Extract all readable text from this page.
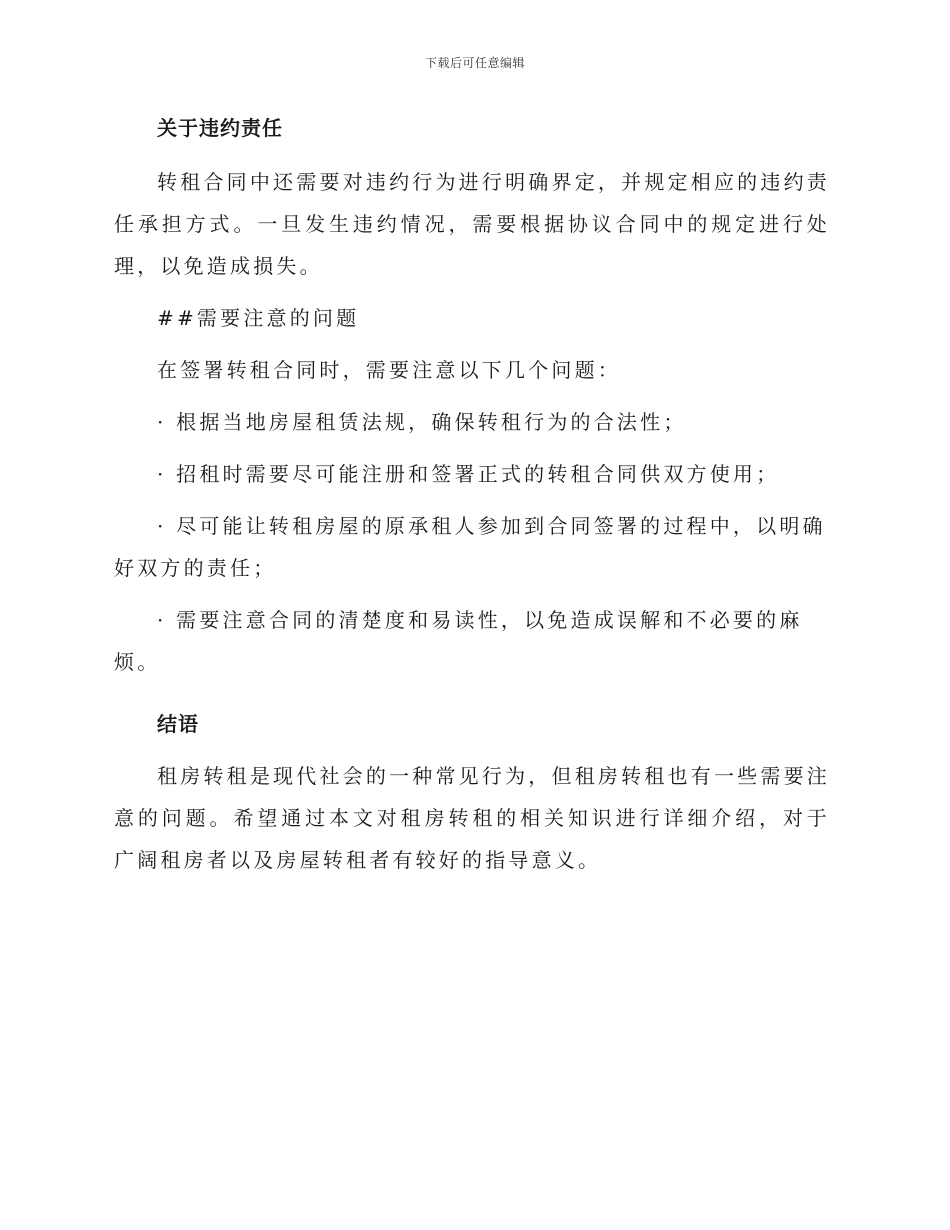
下载后可任意编辑
关于违约责任

转租合同中还需要对违约行为进行明确界定，并规定相应的违约责任承担方式。一旦发生违约情况，需要根据协议合同中的规定进行处理，以免造成损失。

##需要注意的问题

在签署转租合同时，需要注意以下几个问题：

· 根据当地房屋租赁法规，确保转租行为的合法性；

· 招租时需要尽可能注册和签署正式的转租合同供双方使用；

· 尽可能让转租房屋的原承租人参加到合同签署的过程中，以明确好双方的责任；

· 需要注意合同的清楚度和易读性，以免造成误解和不必要的麻烦。

结语

租房转租是现代社会的一种常见行为，但租房转租也有一些需要注意的问题。希望通过本文对租房转租的相关知识进行详细介绍，对于广阔租房者以及房屋转租者有较好的指导意义。
